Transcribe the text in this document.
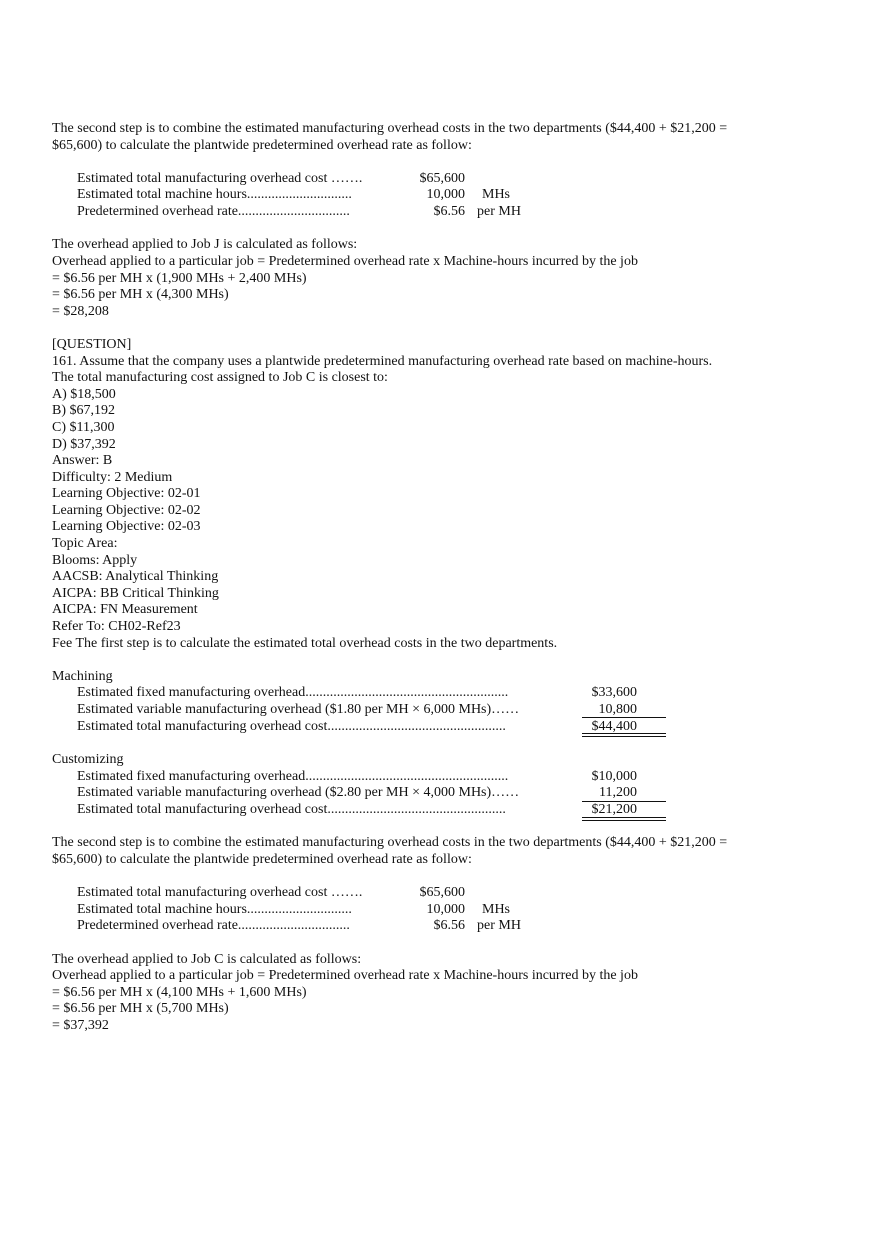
The second step is to combine the estimated manufacturing overhead costs in the two departments ($44,400 + $21,200 =

$65,600) to calculate the plantwide predetermined overhead rate as follow:

Estimated total manufacturing overhead cost …….	$65,600
Estimated total machine hours..............................	10,000 MHs
Predetermined overhead rate................................	$6.56 per MH

The overhead applied to Job J is calculated as follows:

Overhead applied to a particular job = Predetermined overhead rate x Machine-hours incurred by the job

= $6.56 per MH x (1,900 MHs + 2,400 MHs)

= $6.56 per MH x (4,300 MHs)

= $28,208

[QUESTION]

161. Assume that the company uses a plantwide predetermined manufacturing overhead rate based on machine-hours.

The total manufacturing cost assigned to Job C is closest to:

A) $18,500

B) $67,192

C) $11,300

D) $37,392

Answer: B

Difficulty: 2 Medium

Learning Objective: 02-01

Learning Objective: 02-02

Learning Objective: 02-03

Topic Area:

Blooms: Apply

AACSB: Analytical Thinking

AICPA: BB Critical Thinking

AICPA: FN Measurement

Refer To: CH02-Ref23

Fee The first step is to calculate the estimated total overhead costs in the two departments.

Machining

Estimated fixed manufacturing overhead..........................................................	$33,600
Estimated variable manufacturing overhead ($1.80 per MH × 6,000 MHs)……	10,800
Estimated total manufacturing overhead cost...................................................	$44,400

Customizing

Estimated fixed manufacturing overhead..........................................................	$10,000
Estimated variable manufacturing overhead ($2.80 per MH × 4,000 MHs)……	11,200
Estimated total manufacturing overhead cost...................................................	$21,200

The second step is to combine the estimated manufacturing overhead costs in the two departments ($44,400 + $21,200 =

$65,600) to calculate the plantwide predetermined overhead rate as follow:

Estimated total manufacturing overhead cost …….	$65,600
Estimated total machine hours..............................	10,000 MHs
Predetermined overhead rate................................	$6.56 per MH

The overhead applied to Job C is calculated as follows:

Overhead applied to a particular job = Predetermined overhead rate x Machine-hours incurred by the job

= $6.56 per MH x (4,100 MHs + 1,600 MHs)

= $6.56 per MH x (5,700 MHs)

= $37,392
